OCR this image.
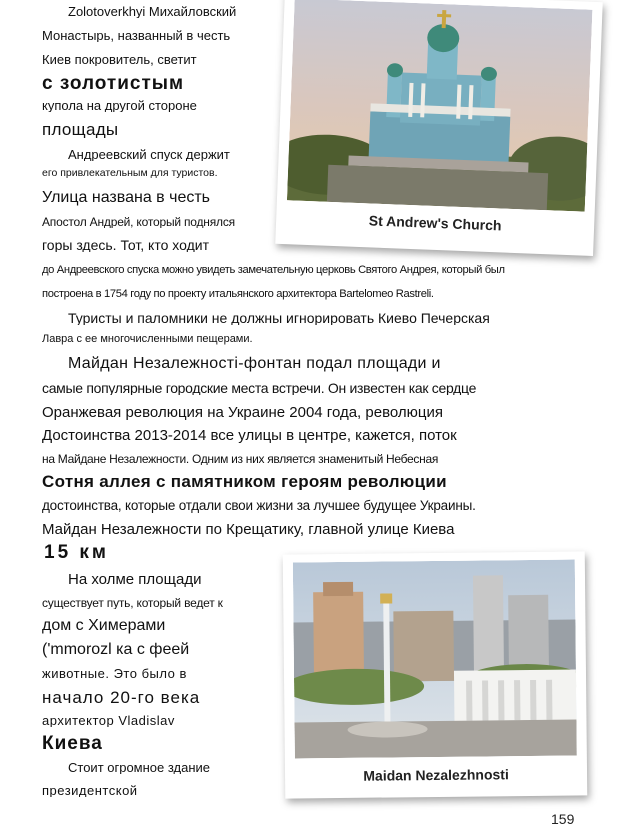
Zolotoverkhyi Михайловский
Монастырь, названный в честь
Киев покровитель, светит
с золотистым
купола на другой стороне
площады
Андреевский спуск держит
его привлекательным для туристов.
Улица названа в честь
Апостол Андрей, который поднялся
горы здесь. Тот, кто ходит
до Андреевского спуска можно увидеть замечательную церковь Святого Андрея, который был
построена в 1754 году по проекту итальянского архитектора Bartelomeo Rastreli.
Туристы и паломники не должны игнорировать Киево Печерская
Лавра с ее многочисленными пещерами.
Майдан Незалежності-фонтан подал площади и
самые популярные городские места встречи. Он известен как сердце
Оранжевая революция на Украине 2004 года, революция
Достоинства 2013-2014 все улицы в центре, кажется, поток
на Майдане Незалежности. Одним из них является знаменитый Небесная
Сотня аллея с памятником героям революции
достоинства, которые отдали свои жизни за лучшее будущее Украины.
Майдан Незалежности по Крещатику, главной улице Киева
15 км
На холме площади
существует путь, который ведет к
дом с Химерами
('mmorozl ка с феей
животные. Это было в
начало 20-го века
архитектор Vladislav
Киева
Стоит огромное здание
президентской
St Andrew's Church
Maidan Nezalezhnosti
159
